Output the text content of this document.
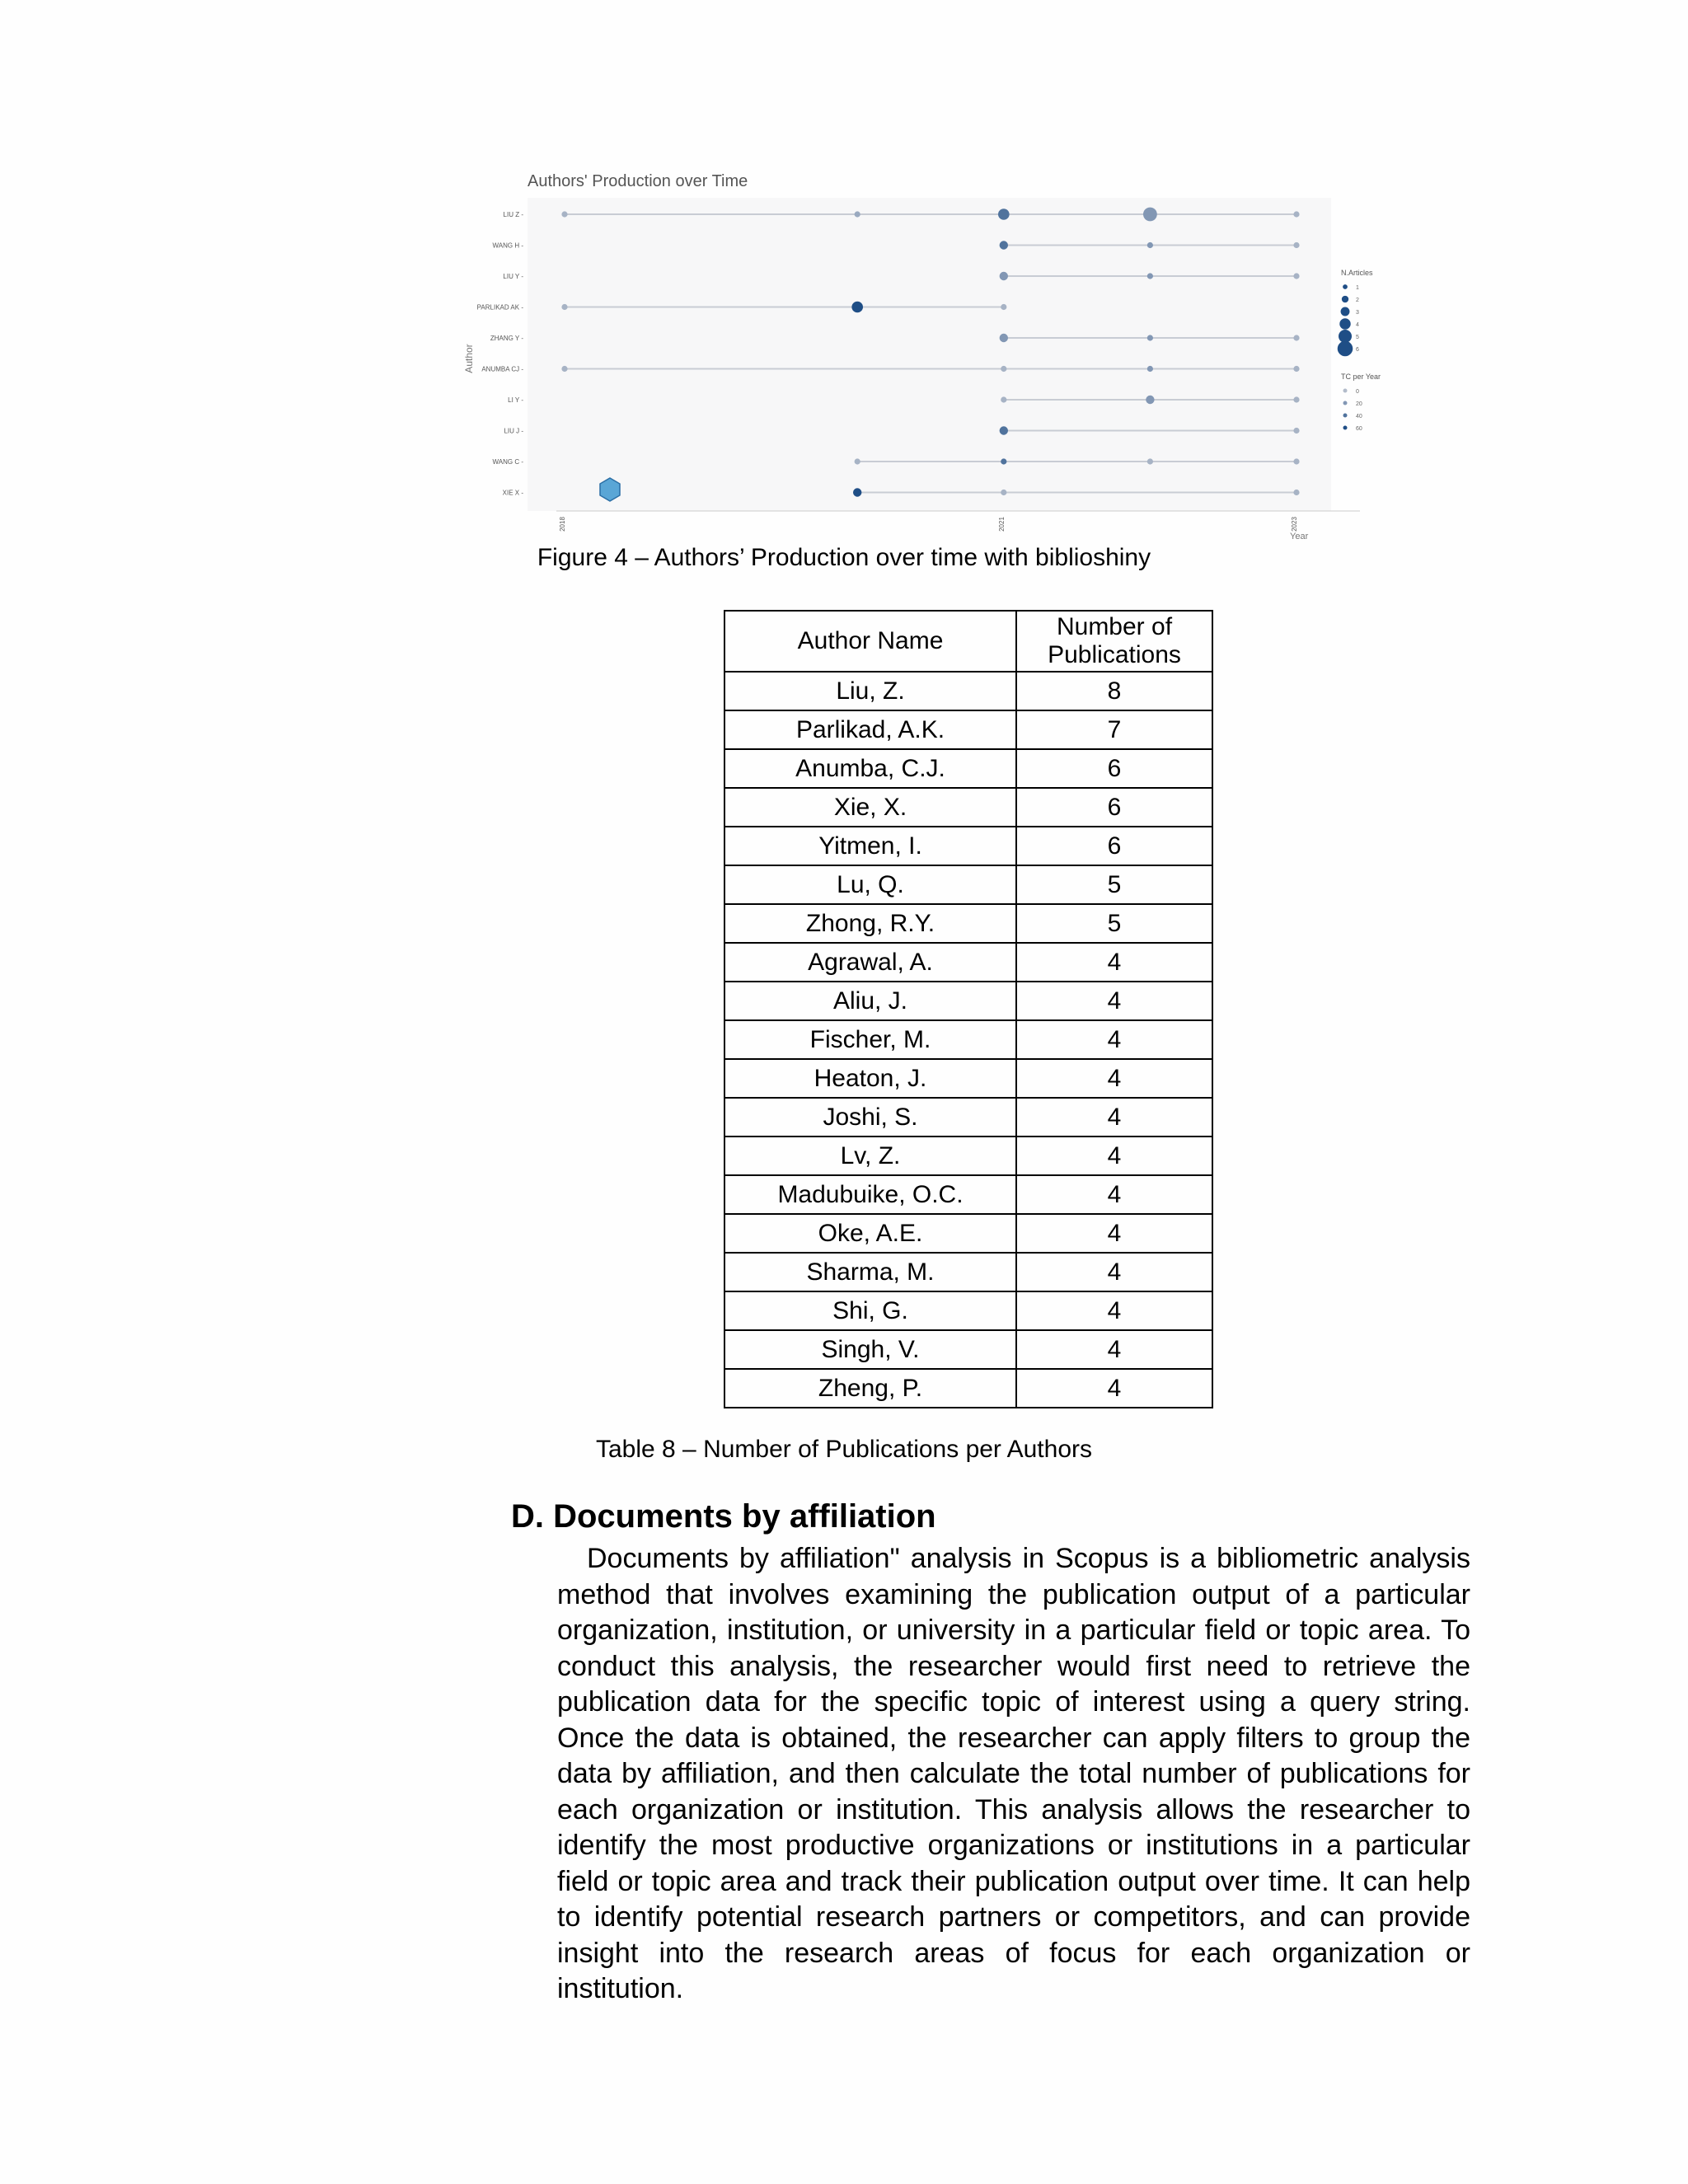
Authors' Production over Time
Author
Year
2018	2021	2023
LIU Z -
WANG H -
LIU Y -
PARLIKAD AK -
ZHANG Y -
ANUMBA CJ -
LI Y -
LIU J -
WANG C -
XIE X -
N.Articles
1
2
3
4
5
6
TC per Year
0
20
40
60
Figure 4 – Authors’ Production over time with biblioshiny
Author Name	Number of
Publications
Liu, Z.	8
Parlikad, A.K.	7
Anumba, C.J.	6
Xie, X.	6
Yitmen, I.	6
Lu, Q.	5
Zhong, R.Y.	5
Agrawal, A.	4
Aliu, J.	4
Fischer, M.	4
Heaton, J.	4
Joshi, S.	4
Lv, Z.	4
Madubuike, O.C.	4
Oke, A.E.	4
Sharma, M.	4
Shi, G.	4
Singh, V.	4
Zheng, P.	4
Table 8 – Number of Publications per Authors
D. Documents by affiliation

Documents by affiliation" analysis in Scopus is a bibliometric analysis method that involves examining the publication output of a particular organization, institution, or university in a particular field or topic area. To conduct this analysis, the researcher would first need to retrieve the publication data for the specific topic of interest using a query string. Once the data is obtained, the researcher can apply filters to group the data by affiliation, and then calculate the total number of publications for each organization or institution. This analysis allows the researcher to identify the most productive organizations or institutions in a particular field or topic area and track their publication output over time. It can help to identify potential research partners or competitors, and can provide insight into the research areas of focus for each organization or institution.
